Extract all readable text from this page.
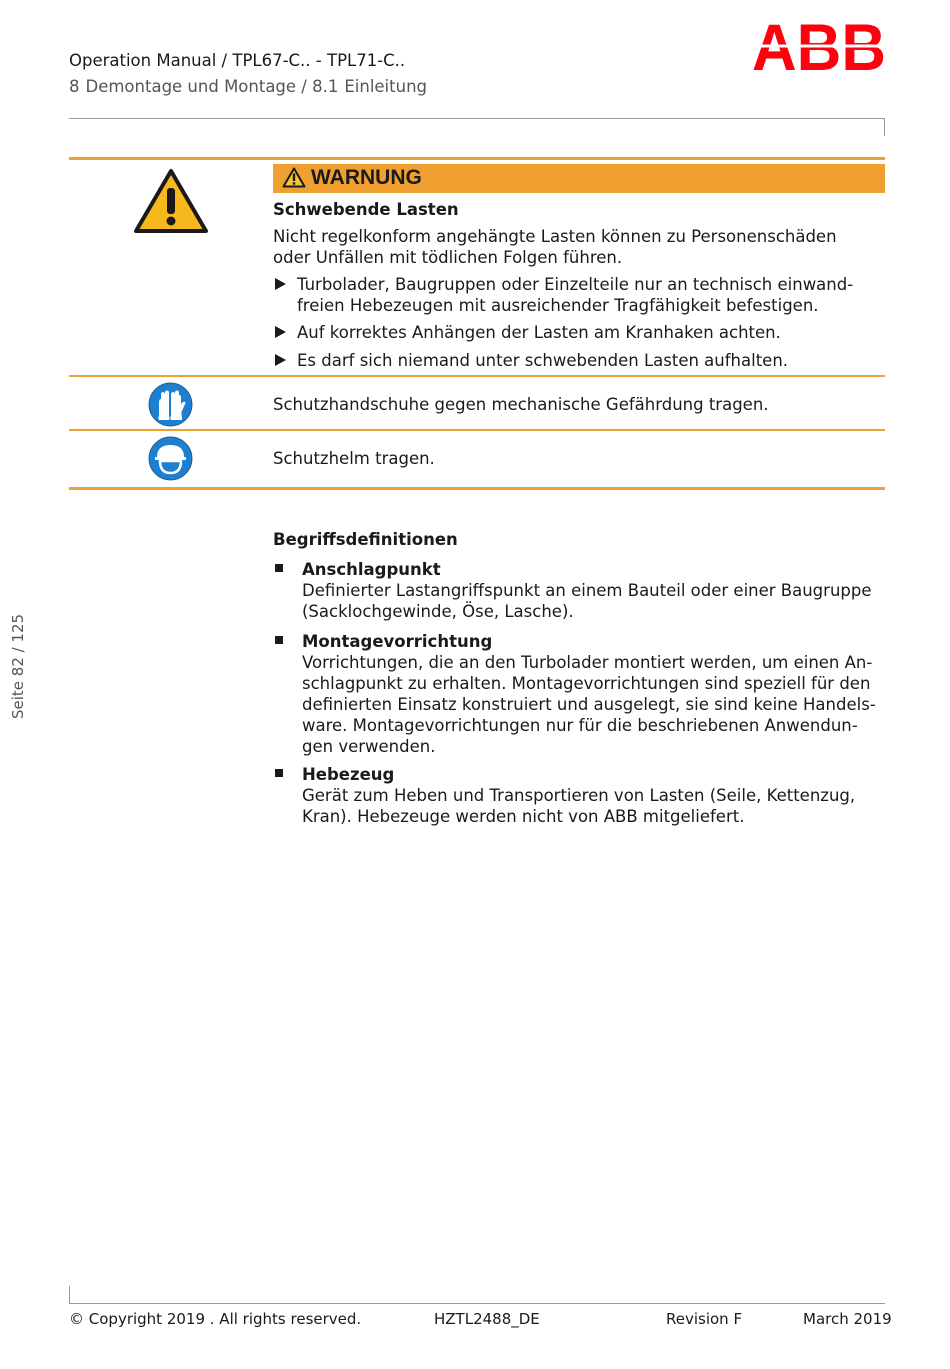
Operation Manual / TPL67-C.. - TPL71-C..
8 Demontage und Montage / 8.1 Einleitung
ABB
WARNUNG
Schwebende Lasten
Nicht regelkonform angehängte Lasten können zu Personenschäden
oder Unfällen mit tödlichen Folgen führen.
Turbolader, Baugruppen oder Einzelteile nur an technisch einwand-
freien Hebezeugen mit ausreichender Tragfähigkeit befestigen.
Auf korrektes Anhängen der Lasten am Kranhaken achten.
Es darf sich niemand unter schwebenden Lasten aufhalten.
Schutzhandschuhe gegen mechanische Gefährdung tragen.
Schutzhelm tragen.
Begriffsdefinitionen
Anschlagpunkt
Definierter Lastangriffspunkt an einem Bauteil oder einer Baugruppe
(Sacklochgewinde, Öse, Lasche).
Montagevorrichtung
Vorrichtungen, die an den Turbolader montiert werden, um einen An-
schlagpunkt zu erhalten. Montagevorrichtungen sind speziell für den
definierten Einsatz konstruiert und ausgelegt, sie sind keine Handels-
ware. Montagevorrichtungen nur für die beschriebenen Anwendun-
gen verwenden.
Hebezeug
Gerät zum Heben und Transportieren von Lasten (Seile, Kettenzug,
Kran). Hebezeuge werden nicht von ABB mitgeliefert.
Seite 82 / 125
© Copyright 2019 . All rights reserved.	HZTL2488_DE	Revision F	March 2019
